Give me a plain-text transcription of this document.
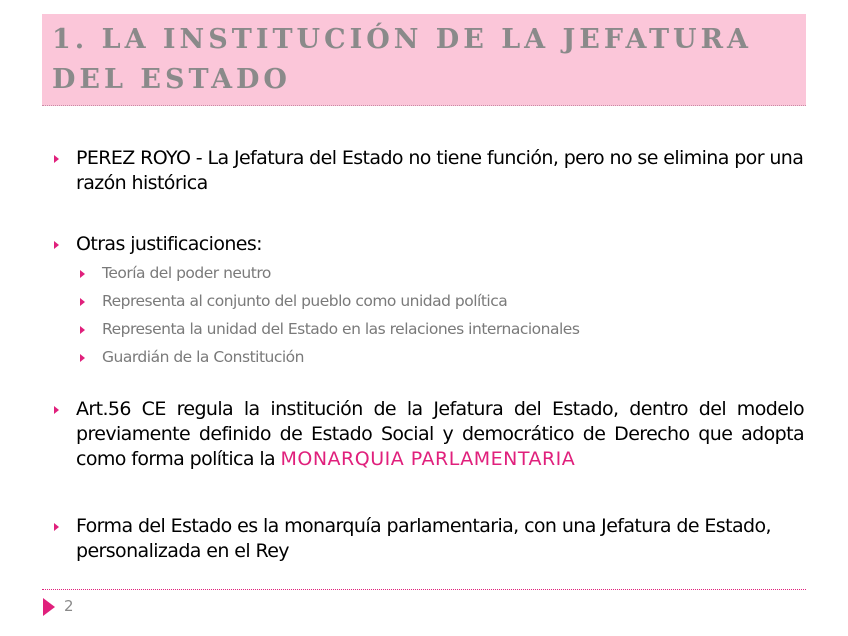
1. LA INSTITUCIÓN DE LA JEFATURA
DEL ESTADO
PEREZ ROYO - La Jefatura del Estado no tiene función, pero no se elimina por una razón histórica
Otras justificaciones:
Teoría del poder neutro
Representa al conjunto del pueblo como unidad política
Representa la unidad del Estado en las relaciones internacionales
Guardián de la Constitución
Art.56 CE regula la institución de la Jefatura del Estado, dentro del modelo previamente definido de Estado Social y democrático de Derecho que adopta como forma política la MONARQUIA PARLAMENTARIA
Forma del Estado es la monarquía parlamentaria, con una Jefatura de Estado, personalizada en el Rey
2
